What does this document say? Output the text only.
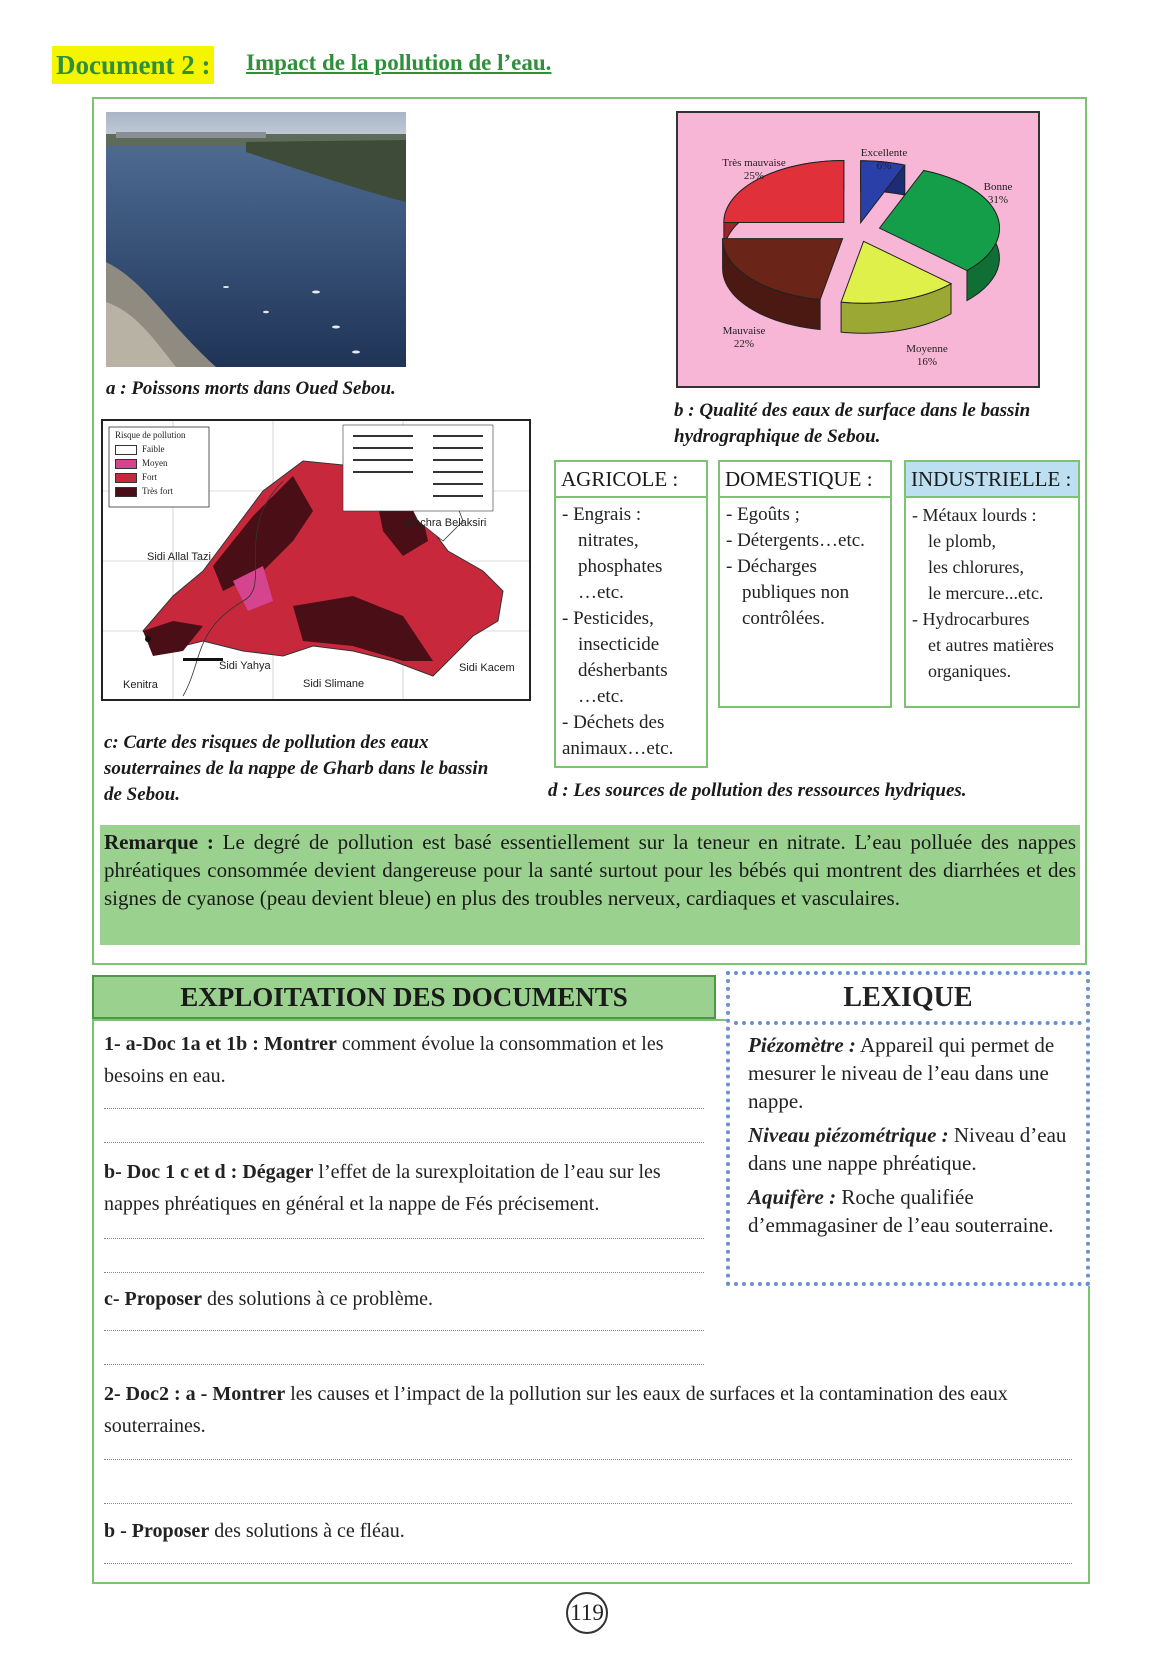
Document 2 : Impact de la pollution de l’eau.
a : Poissons morts dans Oued Sebou.
Très mauvaise
25%
Excellente
6%
Bonne
31%
Moyenne
16%
Mauvaise
22%
b : Qualité des eaux de surface dans le bassin hydrographique de Sebou.
Risque de pollution
Faible
Moyen
Fort
Très fort
Machra Belaksiri
Sidi Allal Tazi
Sidi Yahya
Sidi Slimane
Sidi Kacem
Kenitra
c: Carte des risques de pollution des eaux souterraines de la nappe de Gharb dans le bassin de Sebou.
AGRICOLE :
- Engrais :
nitrates,
phosphates
…etc.
- Pesticides,
insecticide
désherbants
…etc.
- Déchets des
animaux…etc.
DOMESTIQUE :
- Egoûts ;
- Détergents…etc.
- Décharges
publiques non
contrôlées.
INDUSTRIELLE :
- Métaux lourds :
le plomb,
les chlorures,
le mercure...etc.
- Hydrocarbures
et autres matières
organiques.
d : Les sources de pollution des ressources hydriques.
Remarque : Le degré de pollution est basé essentiellement sur la teneur en nitrate. L’eau polluée des nappes phréatiques consommée devient dangereuse pour la santé surtout pour les bébés qui montrent des diarrhées et des signes de cyanose (peau devient bleue) en plus des troubles nerveux, cardiaques et vasculaires.
EXPLOITATION DES DOCUMENTS
1- a-Doc 1a et 1b : Montrer comment évolue la consommation et les besoins en eau.
b- Doc 1 c et d : Dégager l’effet de la surexploitation de l’eau sur les nappes phréatiques en général et la nappe de Fés précisement.
c- Proposer des solutions à ce problème.
2- Doc2 : a - Montrer les causes et l’impact de la pollution sur les eaux de surfaces et la contamination des eaux souterraines.
b - Proposer des solutions à ce fléau.
LEXIQUE
Piézomètre : Appareil qui permet de mesurer le niveau de l’eau dans une nappe.
Niveau piézométrique : Niveau d’eau dans une nappe phréatique.
Aquifère : Roche qualifiée d’emmagasiner de l’eau souterraine.
119
